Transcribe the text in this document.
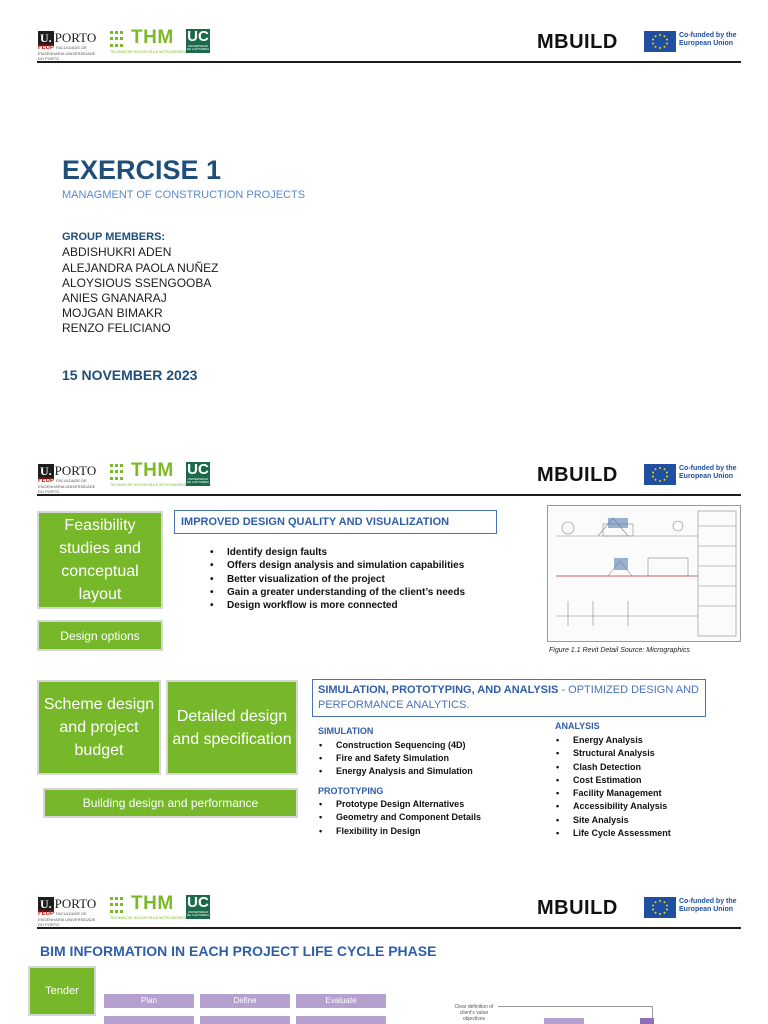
U. PORTO
FEUP FACULDADE DE ENGENHARIA UNIVERSIDADE DO PORTO
THM
TECHNISCHE HOCHSCHULE MITTELHESSEN
UC
UNIVERSIDAD DE CANTABRIA	MBUILD	Co-funded by the
European Union
EXERCISE 1
MANAGMENT OF CONSTRUCTION PROJECTS
GROUP MEMBERS:
ABDISHUKRI ADEN
ALEJANDRA PAOLA NUÑEZ
ALOYSIOUS SSENGOOBA
ANIES GNANARAJ
MOJGAN BIMAKR
RENZO FELICIANO
15 NOVEMBER 2023
U. PORTO
FEUP FACULDADE DE ENGENHARIA UNIVERSIDADE DO PORTO
THM
TECHNISCHE HOCHSCHULE MITTELHESSEN
UC
UNIVERSIDAD DE CANTABRIA	MBUILD	Co-funded by the
European Union
Feasibility studies and conceptual layout
Design options
IMPROVED DESIGN QUALITY AND VISUALIZATION
• Identify design faults
• Offers design analysis and simulation capabilities
• Better visualization of the project
• Gain a greater understanding of the client’s needs
• Design workflow is more connected
Figure 1.1 Revit Detail Source: Micrographics
Scheme design and project budget
Detailed design and specification
Building design and performance
SIMULATION, PROTOTYPING, AND ANALYSIS - OPTIMIZED DESIGN AND PERFORMANCE ANALYTICS.
SIMULATION
• Construction Sequencing (4D)
• Fire and Safety Simulation
• Energy Analysis and Simulation
PROTOTYPING
• Prototype Design Alternatives
• Geometry and Component Details
• Flexibility in Design
ANALYSIS
• Energy Analysis
• Structural Analysis
• Clash Detection
• Cost Estimation
• Facility Management
• Accessibility Analysis
• Site Analysis
• Life Cycle Assessment
U. PORTO
FEUP FACULDADE DE ENGENHARIA UNIVERSIDADE DO PORTO
THM
TECHNISCHE HOCHSCHULE MITTELHESSEN
UC
UNIVERSIDAD DE CANTABRIA	MBUILD	Co-funded by the
European Union
BIM INFORMATION IN EACH PROJECT LIFE CYCLE PHASE
Tender
Plan	Define	Evaluate
Clear definition of client's value objectives
